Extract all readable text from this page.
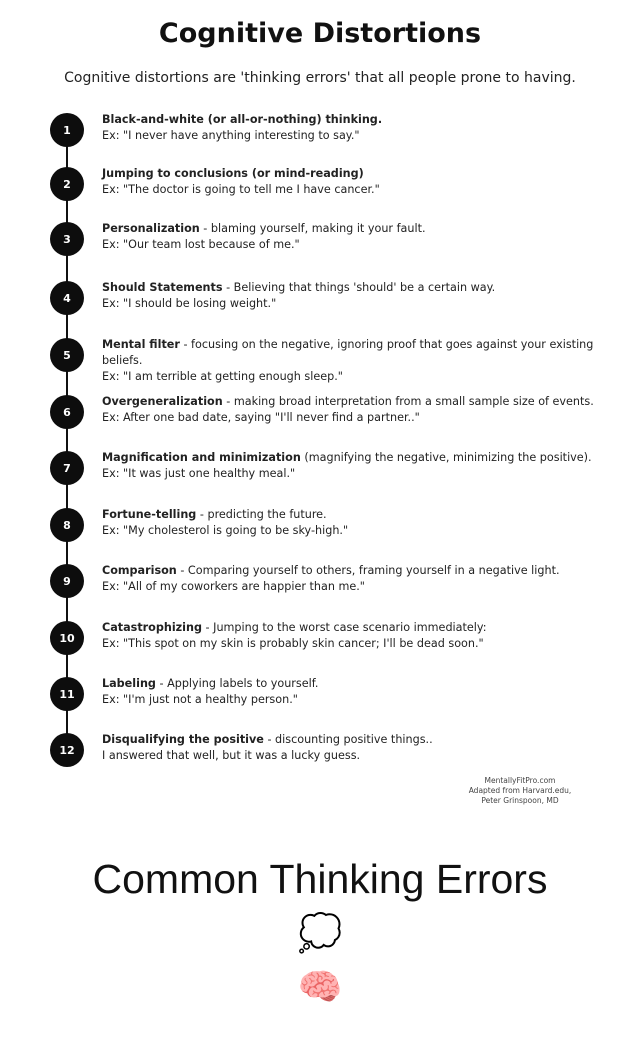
Cognitive Distortions
Cognitive distortions are 'thinking errors' that all people prone to having.
1
Black-and-white (or all-or-nothing) thinking.
Ex: "I never have anything interesting to say."
2
Jumping to conclusions (or mind-reading)
Ex: "The doctor is going to tell me I have cancer."
3
Personalization - blaming yourself, making it your fault.
Ex: "Our team lost because of me."
4
Should Statements - Believing that things 'should' be a certain way.
Ex: "I should be losing weight."
5
Mental filter - focusing on the negative, ignoring proof that goes against your existing beliefs.
Ex: "I am terrible at getting enough sleep."
6
Overgeneralization - making broad interpretation from a small sample size of events.
Ex: After one bad date, saying "I'll never find a partner.."
7
Magnification and minimization (magnifying the negative, minimizing the positive).
Ex: "It was just one healthy meal."
8
Fortune-telling - predicting the future.
Ex: "My cholesterol is going to be sky-high."
9
Comparison - Comparing yourself to others, framing yourself in a negative light.
Ex: "All of my coworkers are happier than me."
10
Catastrophizing - Jumping to the worst case scenario immediately:
Ex: "This spot on my skin is probably skin cancer; I'll be dead soon."
11
Labeling - Applying labels to yourself.
Ex: "I'm just not a healthy person."
12
Disqualifying the positive - discounting positive things..
I answered that well, but it was a lucky guess.
MentallyFitPro.com
Adapted from Harvard.edu,
Peter Grinspoon, MD
Common Thinking Errors
💭
🧠
